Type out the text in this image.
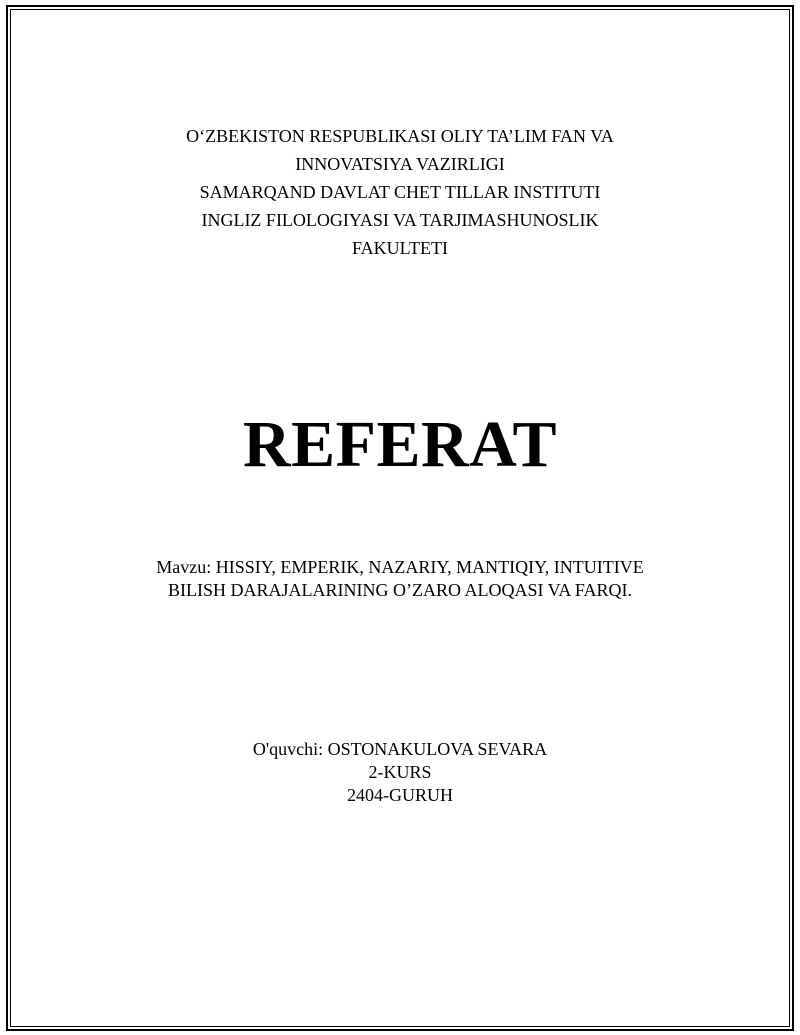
O‘ZBEKISTON RESPUBLIKASI OLIY TA’LIM FAN VA
INNOVATSIYA VAZIRLIGI
SAMARQAND DAVLAT CHET TILLAR INSTITUTI
INGLIZ FILOLOGIYASI VA TARJIMASHUNOSLIK
FAKULTETI
REFERAT
Mavzu: HISSIY, EMPERIK, NAZARIY, MANTIQIY, INTUITIVE
BILISH DARAJALARINING O’ZARO ALOQASI VA FARQI.
O'quvchi: OSTONAKULOVA SEVARA
2-KURS
2404-GURUH
